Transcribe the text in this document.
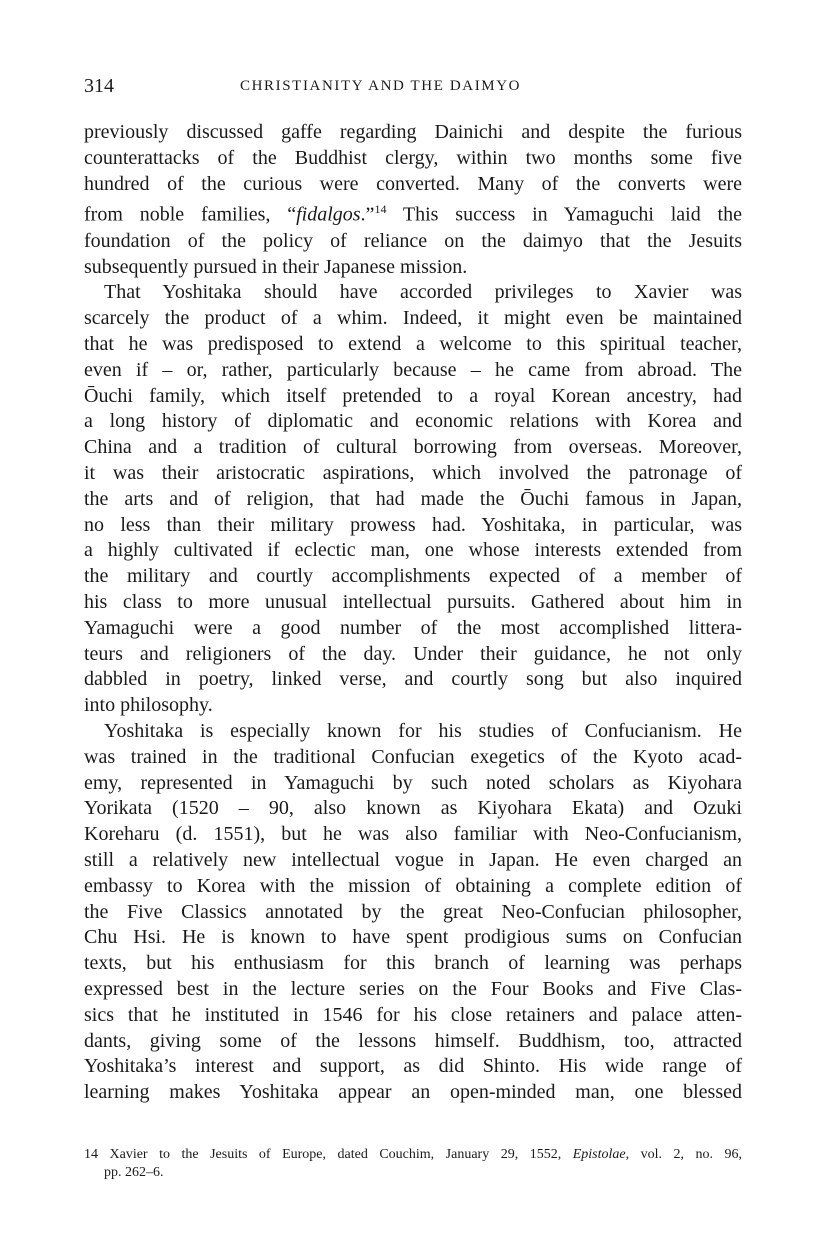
314	CHRISTIANITY AND THE DAIMYO
previously discussed gaffe regarding Dainichi and despite the furious
counterattacks of the Buddhist clergy, within two months some five
hundred of the curious were converted. Many of the converts were
from noble families, “fidalgos.”$^{14}$ This success in Yamaguchi laid the
foundation of the policy of reliance on the daimyo that the Jesuits
subsequently pursued in their Japanese mission.
That Yoshitaka should have accorded privileges to Xavier was
scarcely the product of a whim. Indeed, it might even be maintained
that he was predisposed to extend a welcome to this spiritual teacher,
even if – or, rather, particularly because – he came from abroad. The
Ōuchi family, which itself pretended to a royal Korean ancestry, had
a long history of diplomatic and economic relations with Korea and
China and a tradition of cultural borrowing from overseas. Moreover,
it was their aristocratic aspirations, which involved the patronage of
the arts and of religion, that had made the Ōuchi famous in Japan,
no less than their military prowess had. Yoshitaka, in particular, was
a highly cultivated if eclectic man, one whose interests extended from
the military and courtly accomplishments expected of a member of
his class to more unusual intellectual pursuits. Gathered about him in
Yamaguchi were a good number of the most accomplished littera-
teurs and religioners of the day. Under their guidance, he not only
dabbled in poetry, linked verse, and courtly song but also inquired
into philosophy.
Yoshitaka is especially known for his studies of Confucianism. He
was trained in the traditional Confucian exegetics of the Kyoto acad-
emy, represented in Yamaguchi by such noted scholars as Kiyohara
Yorikata (1520 – 90, also known as Kiyohara Ekata) and Ozuki
Koreharu (d. 1551), but he was also familiar with Neo-Confucianism,
still a relatively new intellectual vogue in Japan. He even charged an
embassy to Korea with the mission of obtaining a complete edition of
the Five Classics annotated by the great Neo-Confucian philosopher,
Chu Hsi. He is known to have spent prodigious sums on Confucian
texts, but his enthusiasm for this branch of learning was perhaps
expressed best in the lecture series on the Four Books and Five Clas-
sics that he instituted in 1546 for his close retainers and palace atten-
dants, giving some of the lessons himself. Buddhism, too, attracted
Yoshitaka’s interest and support, as did Shinto. His wide range of
learning makes Yoshitaka appear an open-minded man, one blessed
14 Xavier to the Jesuits of Europe, dated Couchim, January 29, 1552, Epistolae, vol. 2, no. 96,
pp. 262–6.
